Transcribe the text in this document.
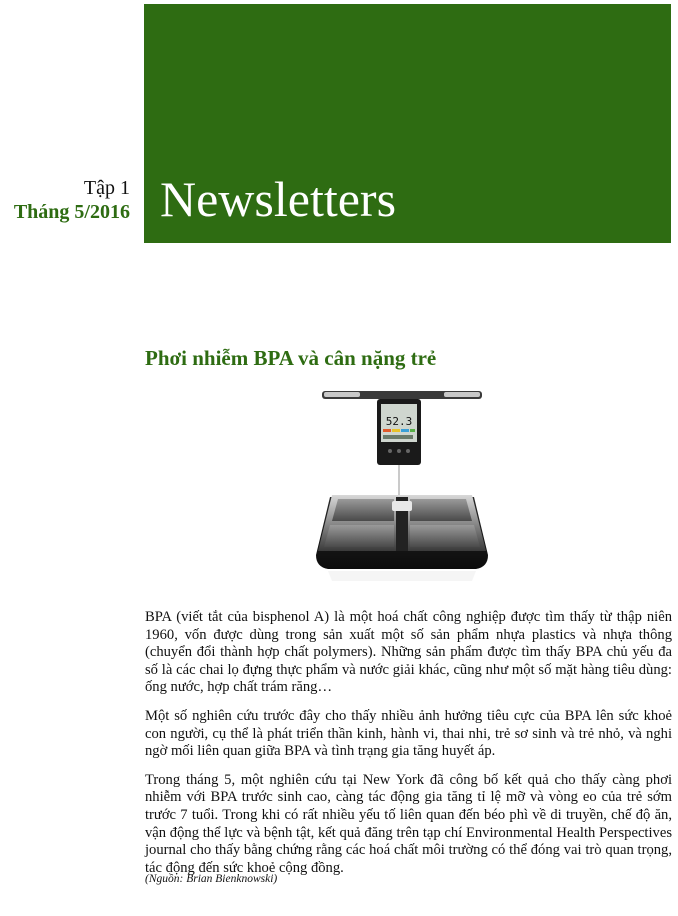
Tập 1
Tháng 5/2016 Newsletters
Phơi nhiễm BPA và cân nặng trẻ
52.3

BPA (viết tắt của bisphenol A) là một hoá chất công nghiệp được tìm thấy từ thập niên 1960, vốn được dùng trong sản xuất một số sản phẩm nhựa plastics và nhựa thông (chuyển đổi thành hợp chất polymers). Những sản phẩm được tìm thấy BPA chủ yếu đa số là các chai lọ đựng thực phẩm và nước giải khác, cũng như một số mặt hàng tiêu dùng: ống nước, hợp chất trám răng…

Một số nghiên cứu trước đây cho thấy nhiều ảnh hưởng tiêu cực của BPA lên sức khoẻ con người, cụ thể là phát triển thần kinh, hành vi, thai nhi, trẻ sơ sinh và trẻ nhỏ, và nghi ngờ mối liên quan giữa BPA và tình trạng gia tăng huyết áp.

Trong tháng 5, một nghiên cứu tại New York đã công bố kết quả cho thấy càng phơi nhiễm với BPA trước sinh cao, càng tác động gia tăng tỉ lệ mỡ và vòng eo của trẻ sớm trước 7 tuổi. Trong khi có rất nhiều yếu tố liên quan đến béo phì về di truyền, chế độ ăn, vận động thể lực và bệnh tật, kết quả đăng trên tạp chí Environmental Health Perspectives journal cho thấy bằng chứng rằng các hoá chất môi trường có thể đóng vai trò quan trọng, tác động đến sức khoẻ cộng đồng.

(Nguồn: Brian Bienknowski)
